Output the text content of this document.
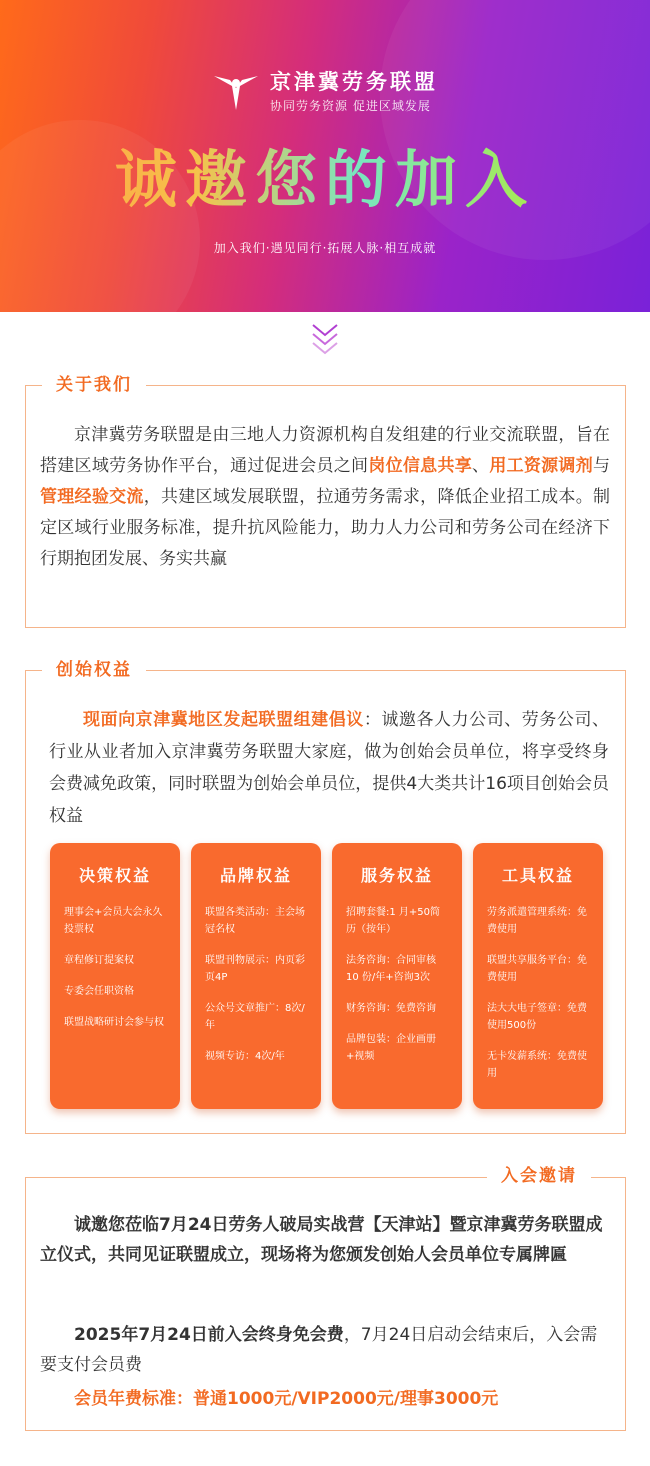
京津冀劳务联盟
协同劳务资源 促进区域发展
诚邀您的加入
加入我们·遇见同行·拓展人脉·相互成就
关于我们
京津冀劳务联盟是由三地人力资源机构自发组建的行业交流联盟，旨在搭建区域劳务协作平台，通过促进会员之间岗位信息共享、用工资源调剂与管理经验交流，共建区域发展联盟，拉通劳务需求，降低企业招工成本。制定区域行业服务标准，提升抗风险能力，助力人力公司和劳务公司在经济下行期抱团发展、务实共赢
创始权益
现面向京津冀地区发起联盟组建倡议：诚邀各人力公司、劳务公司、行业从业者加入京津冀劳务联盟大家庭，做为创始会员单位，将享受终身会费减免政策，同时联盟为创始会单员位，提供4大类共计16项目创始会员权益
决策权益
理事会+会员大会永久投票权
章程修订提案权
专委会任职资格
联盟战略研讨会参与权
品牌权益
联盟各类活动：主会场冠名权
联盟刊物展示：内页彩页4P
公众号文章推广：8次/年
视频专访：4次/年
服务权益
招聘套餐:1 月+50简历（按年）
法务咨询：合同审核10 份/年+咨询3次
财务咨询：免费咨询
品牌包装：企业画册+视频
工具权益
劳务派遣管理系统：免费使用
联盟共享服务平台：免费使用
法大大电子签章：免费使用500份
无卡发薪系统：免费使用
入会邀请
诚邀您莅临7月24日劳务人破局实战营【天津站】暨京津冀劳务联盟成立仪式，共同见证联盟成立，现场将为您颁发创始人会员单位专属牌匾
2025年7月24日前入会终身免会费，7月24日启动会结束后，入会需要支付会员费
会员年费标准：普通1000元/VIP2000元/理事3000元
